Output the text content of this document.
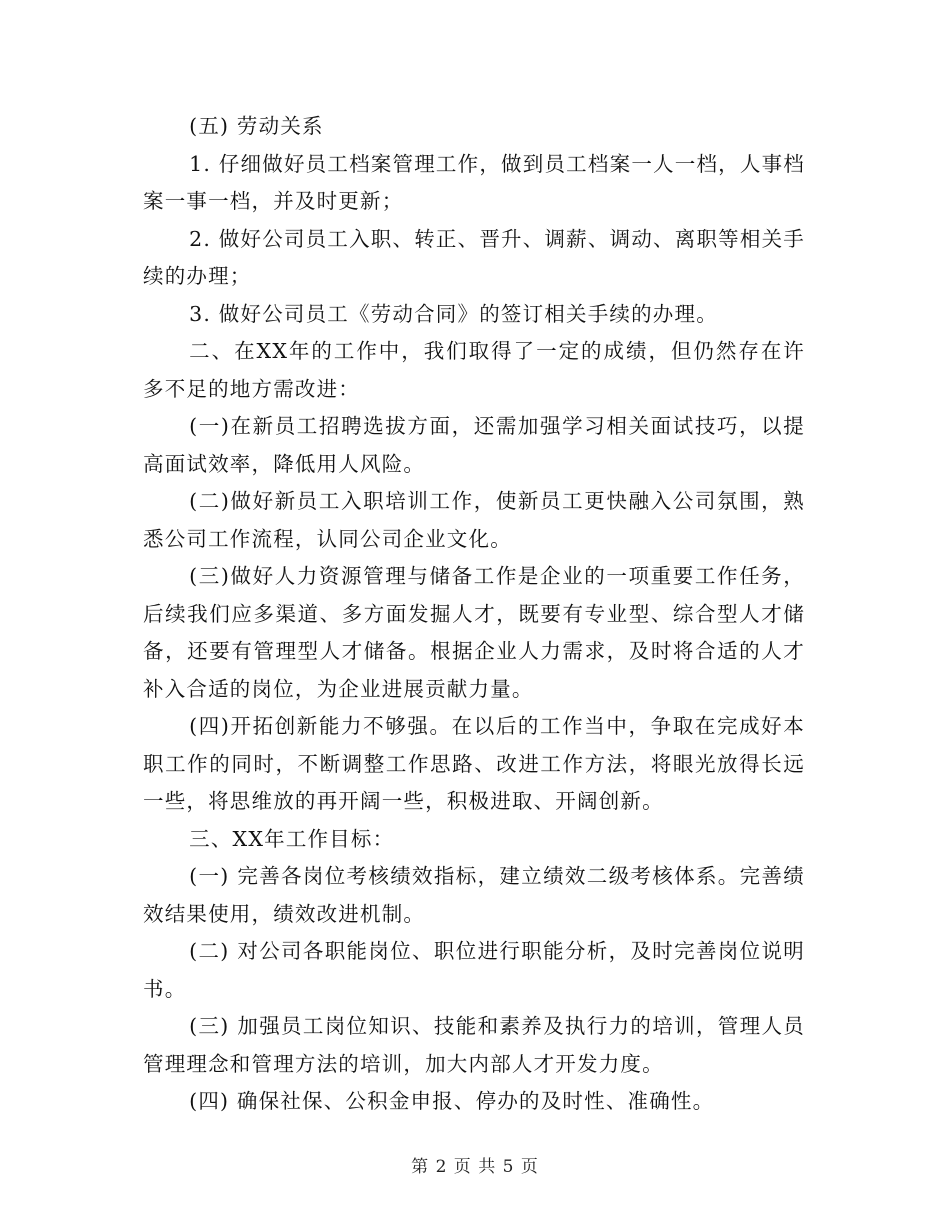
(五) 劳动关系

1. 仔细做好员工档案管理工作，做到员工档案一人一档，人事档案一事一档，并及时更新；

2. 做好公司员工入职、转正、晋升、调薪、调动、离职等相关手续的办理；

3. 做好公司员工《劳动合同》的签订相关手续的办理。

二、在XX年的工作中，我们取得了一定的成绩，但仍然存在许多不足的地方需改进：

(一)在新员工招聘选拔方面，还需加强学习相关面试技巧，以提高面试效率，降低用人风险。

(二)做好新员工入职培训工作，使新员工更快融入公司氛围，熟悉公司工作流程，认同公司企业文化。

(三)做好人力资源管理与储备工作是企业的一项重要工作任务，后续我们应多渠道、多方面发掘人才，既要有专业型、综合型人才储备，还要有管理型人才储备。根据企业人力需求，及时将合适的人才补入合适的岗位，为企业进展贡献力量。

(四)开拓创新能力不够强。在以后的工作当中，争取在完成好本职工作的同时，不断调整工作思路、改进工作方法，将眼光放得长远一些，将思维放的再开阔一些，积极进取、开阔创新。

三、XX年工作目标：

(一) 完善各岗位考核绩效指标，建立绩效二级考核体系。完善绩效结果使用，绩效改进机制。

(二) 对公司各职能岗位、职位进行职能分析，及时完善岗位说明书。

(三) 加强员工岗位知识、技能和素养及执行力的培训，管理人员管理理念和管理方法的培训，加大内部人才开发力度。

(四) 确保社保、公积金申报、停办的及时性、准确性。

第 2 页 共 5 页
